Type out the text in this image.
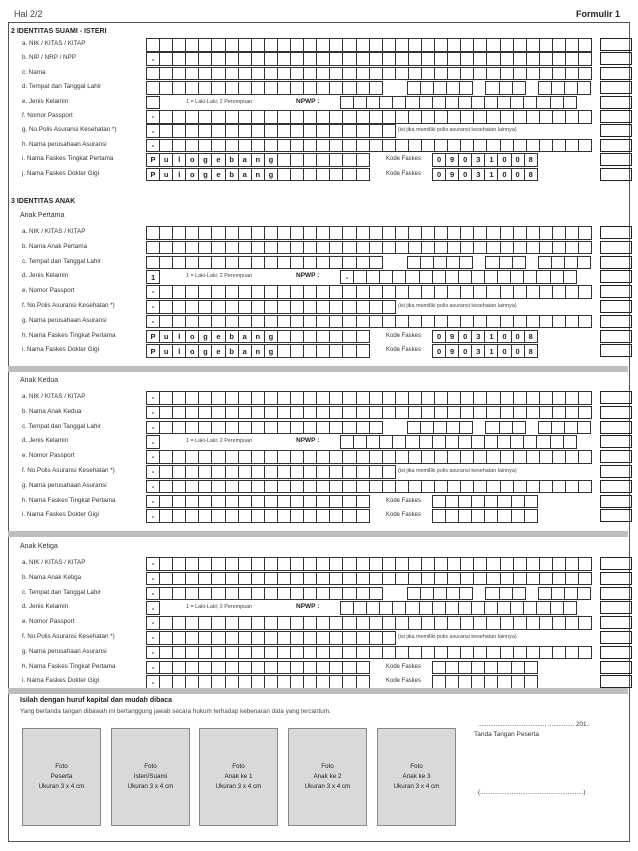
Hal 2/2	Formulir 1
2 IDENTITAS SUAMI - ISTERI
a. NIK / KITAS / KITAP

b. NIP / NRP / NPP	-																																	
c. Nama

d. Tempat dan Tanggal Lahir

e. Jenis Kelamin	1 = Laki-Laki; 2 Perempuan	NPWP :

f. Nomor Passport	-																																	
g. No.Polis Asuransi Kesehatan *)	-																			(isi jika memiliki polis asuransi kesehatan lainnya)
h. Nama perusahaan Asuransi	-																																	
i. Nama Faskes Tingkat Pertama	P	u	l	o	g	e	b	a	n	g								Kode Faskes 0	9	0	3	1	0	0	8
j. Nama Faskes Dokter Gigi	P	u	l	o	g	e	b	a	n	g								Kode Faskes 0	9	0	3	1	0	0	8
3 IDENTITAS ANAK
Anak Pertama
a. NIK / KITAS / KITAP

b. Nama Anak Pertama

c. Tempat dan Tanggal Lahir

d. Jenis Kelamin	1	1 = Laki-Laki; 2 Perempuan	NPWP :	-																	
e. Nomor Passport	-																																	
f. No.Polis Asuransi Kesehatan *)	-																			(isi jika memiliki polis asuransi kesehatan lainnya)
g. Nama perusahaan Asuransi	-																																	
h. Nama Faskes Tingkat Pertama	P	u	l	o	g	e	b	a	n	g								Kode Faskes 0	9	0	3	1	0	0	8
i. Nama Faskes Dokter Gigi	P	u	l	o	g	e	b	a	n	g								Kode Faskes 0	9	0	3	1	0	0	8
Anak Kedua
a. NIK / KITAS / KITAP	-																																	
b. Nama Anak Kedua	-																																	
c. Tempat dan Tanggal Lahir	-																																	
d. Jenis Kelamin	-	1 = Laki-Laki; 2 Perempuan	NPWP :

e. Nomor Passport	-																																	
f. No.Polis Asuransi Kesehatan *)	-																			(isi jika memiliki polis asuransi kesehatan lainnya)
g. Nama perusahaan Asuransi	-																																	
h. Nama Faskes Tingkat Pertama	-																	Kode Faskes

i. Nama Faskes Dokter Gigi	-																	Kode Faskes

Anak Ketiga
a. NIK / KITAS / KITAP	-																																	
b. Nama Anak Ketiga	-																																	
c. Tempat dan Tanggal Lahir	-																																	
d. Jenis Kelamin	-	1 = Laki-Laki; 2 Perempuan	NPWP :

e. Nomor Passport	-																																	
f. No.Polis Asuransi Kesehatan *)	-																			(isi jika memiliki polis asuransi kesehatan lainnya)
g. Nama perusahaan Asuransi	-																																	
h. Nama Faskes Tingkat Pertama	-																	Kode Faskes

i. Nama Faskes Dokter Gigi	-																	Kode Faskes

Isilah dengan huruf kapital dan mudah dibaca
Yang bertanda tangan dibawah ini bertanggung jawab secara hukum terhadap kebenaran data yang tercantum.
Foto
Peserta
Ukuran 3 x 4 cm
Foto
Isteri/Suami
Ukuran 3 x 4 cm
Foto
Anak ke 1
Ukuran 3 x 4 cm
Foto
Anak ke 2
Ukuran 3 x 4 cm
Foto
Anak ke 3
Ukuran 3 x 4 cm
......................................, ............... 201..
Tanda Tangan Peserta
(...........................................................)
